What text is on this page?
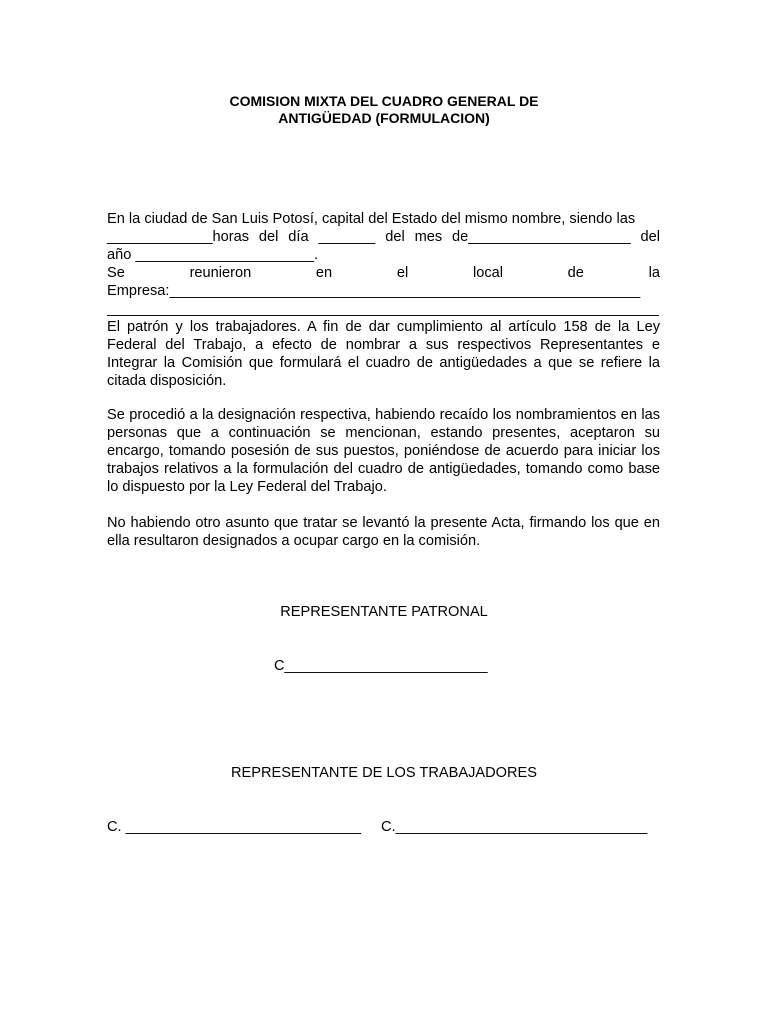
COMISION MIXTA DEL CUADRO GENERAL DE
ANTIGÜEDAD (FORMULACION)
En la ciudad de San Luis Potosí, capital del Estado del mismo nombre, siendo las
_____________horas del día _______ del mes de____________________ del
año ______________________.
Se reunieron en el local de la
Empresa:__________________________________________________________
____________________________________________________________________

El patrón y los trabajadores. A fin de dar cumplimiento al artículo 158 de la Ley Federal del Trabajo, a efecto de nombrar a sus respectivos Representantes e Integrar la Comisión que formulará el cuadro de antigüedades a que se refiere la citada disposición.

Se procedió a la designación respectiva, habiendo recaído los nombramientos en las personas que a continuación se mencionan, estando presentes, aceptaron su encargo, tomando posesión de sus puestos, poniéndose de acuerdo para iniciar los trabajos relativos a la formulación del cuadro de antigüedades, tomando como base lo dispuesto por la Ley Federal del Trabajo.

No habiendo otro asunto que tratar se levantó la presente Acta, firmando los que en ella resultaron designados a ocupar cargo en la comisión.

REPRESENTANTE PATRONAL
C_________________________
REPRESENTANTE DE LOS TRABAJADORES
C. _____________________________ C._______________________________
